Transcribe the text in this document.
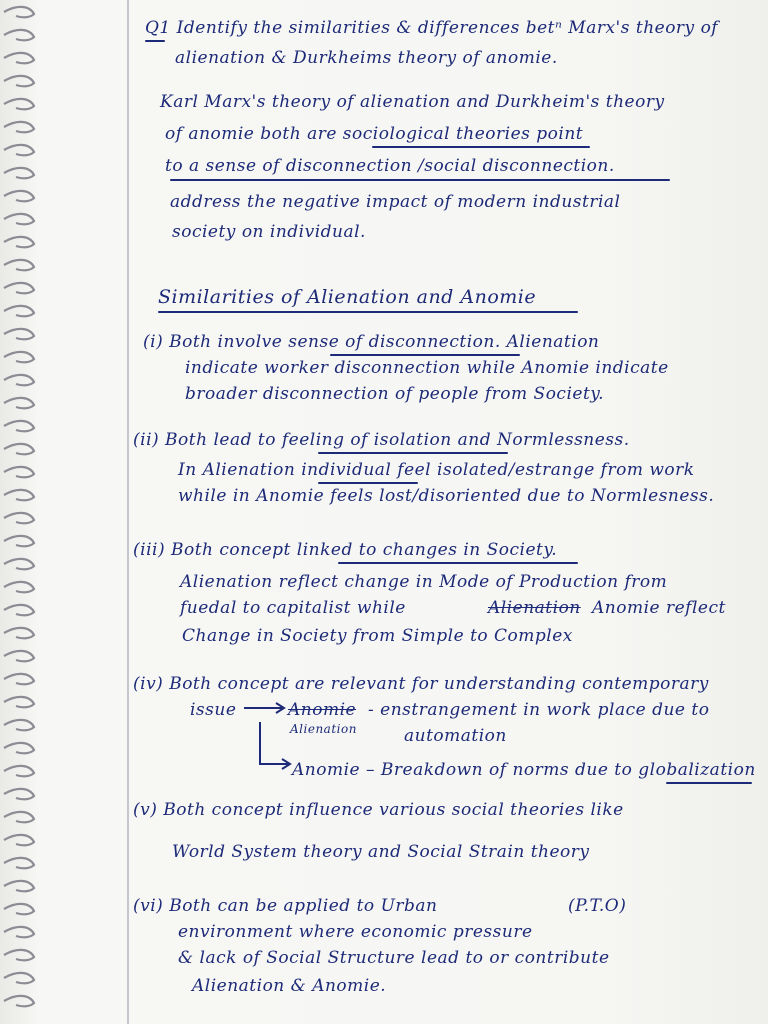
Q1 Identify the similarities & differences betⁿ Marx's theory of
alienation & Durkheims theory of anomie.
Karl Marx's theory of alienation and Durkheim's theory
of anomie both are sociological theories point
to a sense of disconnection /social disconnection.
address the negative impact of modern industrial
society on individual.
Similarities of Alienation and Anomie
(i) Both involve sense of disconnection. Alienation
indicate worker disconnection while Anomie indicate
broader disconnection of people from Society.
(ii) Both lead to feeling of isolation and Normlessness.
In Alienation individual feel isolated/estrange from work
while in Anomie feels lost/disoriented due to Normlesness.
(iii) Both concept linked to changes in Society.
Alienation reflect change in Mode of Production from
fuedal to capitalist while	Alienation Anomie reflect
Change in Society from Simple to Complex
(iv) Both concept are relevant for understanding contemporary
issue	Anomie
Alienation
- enstrangement in work place due to
automation
Anomie – Breakdown of norms due to globalization
(v) Both concept influence various social theories like
World System theory and Social Strain theory
(vi) Both can be applied to Urban	(P.T.O)
environment where economic pressure
& lack of Social Structure lead to or contribute
Alienation & Anomie.
